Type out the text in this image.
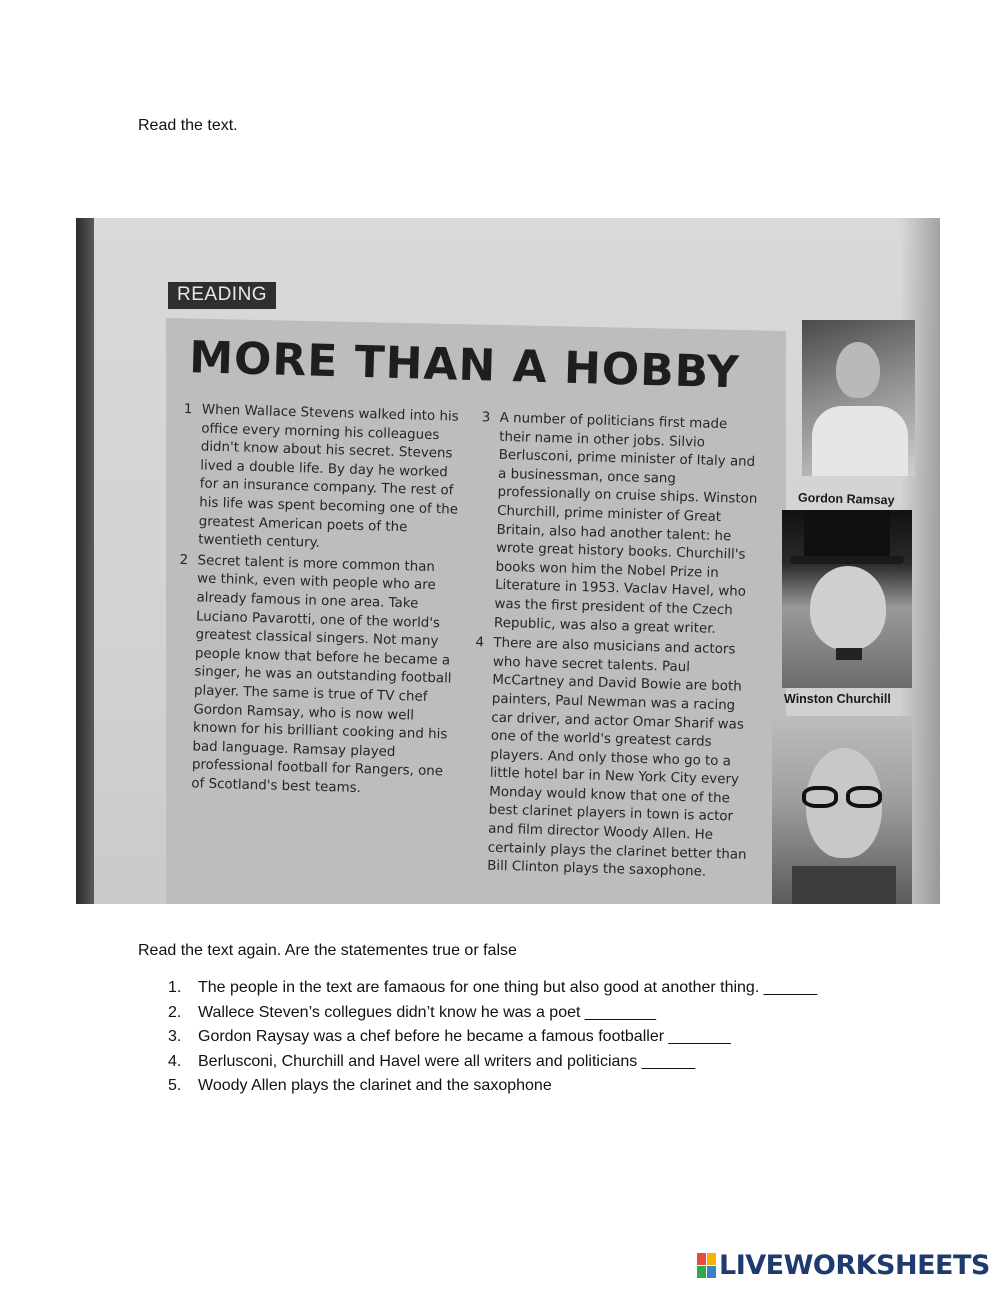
Read the text.
READING
MORE THAN A HOBBY
1 When Wallace Stevens walked into his office every morning his colleagues didn't know about his secret. Stevens lived a double life. By day he worked for an insurance company. The rest of his life was spent becoming one of the greatest American poets of the twentieth century.
2 Secret talent is more common than we think, even with people who are already famous in one area. Take Luciano Pavarotti, one of the world's greatest classical singers. Not many people know that before he became a singer, he was an outstanding football player. The same is true of TV chef Gordon Ramsay, who is now well known for his brilliant cooking and his bad language. Ramsay played professional football for Rangers, one of Scotland's best teams.
3 A number of politicians first made their name in other jobs. Silvio Berlusconi, prime minister of Italy and a businessman, once sang professionally on cruise ships. Winston Churchill, prime minister of Great Britain, also had another talent: he wrote great history books. Churchill's books won him the Nobel Prize in Literature in 1953. Vaclav Havel, who was the first president of the Czech Republic, was also a great writer.
4 There are also musicians and actors who have secret talents. Paul McCartney and David Bowie are both painters, Paul Newman was a racing car driver, and actor Omar Sharif was one of the world's greatest cards players. And only those who go to a little hotel bar in New York City every Monday would know that one of the best clarinet players in town is actor and film director Woody Allen. He certainly plays the clarinet better than Bill Clinton plays the saxophone.
Gordon Ramsay
Winston Churchill
Read the text again. Are the statementes true or false
1.	The people in the text are famaous for one thing but also good at another thing. ______
2.	Wallece Steven’s collegues didn’t know he was a poet ________
3.	Gordon Raysay was a chef before he became a famous footballer _______
4.	Berlusconi, Churchill and Havel were all writers and politicians ______
5.	Woody Allen plays the clarinet and the saxophone
LIVEWORKSHEETS
